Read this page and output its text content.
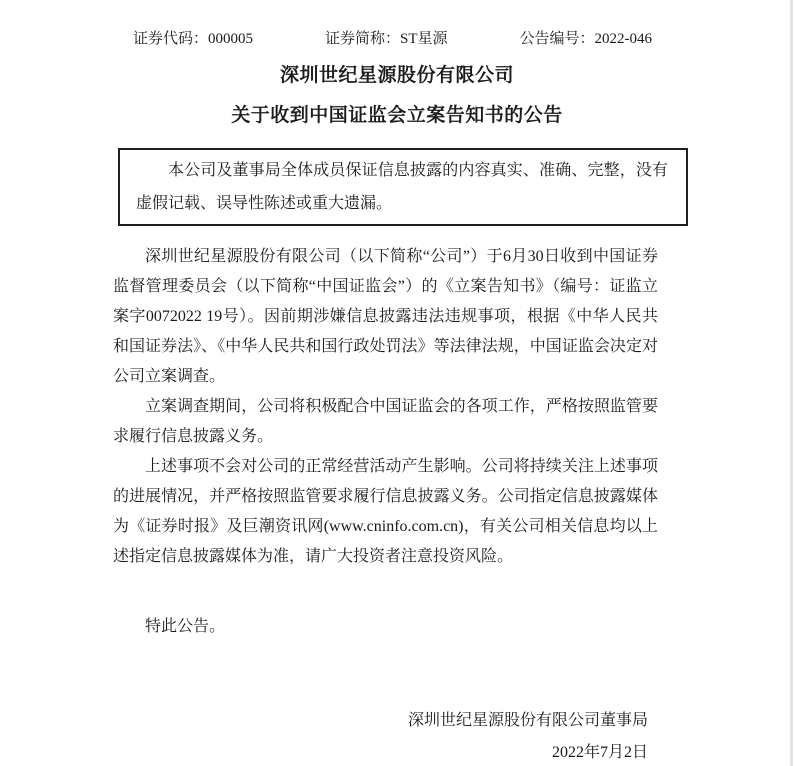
证券代码：000005	证券简称：ST星源	公告编号：2022-046
深圳世纪星源股份有限公司
关于收到中国证监会立案告知书的公告

本公司及董事局全体成员保证信息披露的内容真实、准确、完整，没有虚假记载、误导性陈述或重大遗漏。

深圳世纪星源股份有限公司（以下简称“公司”）于6月30日收到中国证券监督管理委员会（以下简称“中国证监会”）的《立案告知书》（编号：证监立案字0072022 19号）。因前期涉嫌信息披露违法违规事项，根据《中华人民共和国证券法》、《中华人民共和国行政处罚法》等法律法规，中国证监会决定对公司立案调查。

立案调查期间，公司将积极配合中国证监会的各项工作，严格按照监管要求履行信息披露义务。

上述事项不会对公司的正常经营活动产生影响。公司将持续关注上述事项的进展情况，并严格按照监管要求履行信息披露义务。公司指定信息披露媒体为《证券时报》及巨潮资讯网(www.cninfo.com.cn)，有关公司相关信息均以上述指定信息披露媒体为准，请广大投资者注意投资风险。

特此公告。

深圳世纪星源股份有限公司董事局

2022年7月2日
